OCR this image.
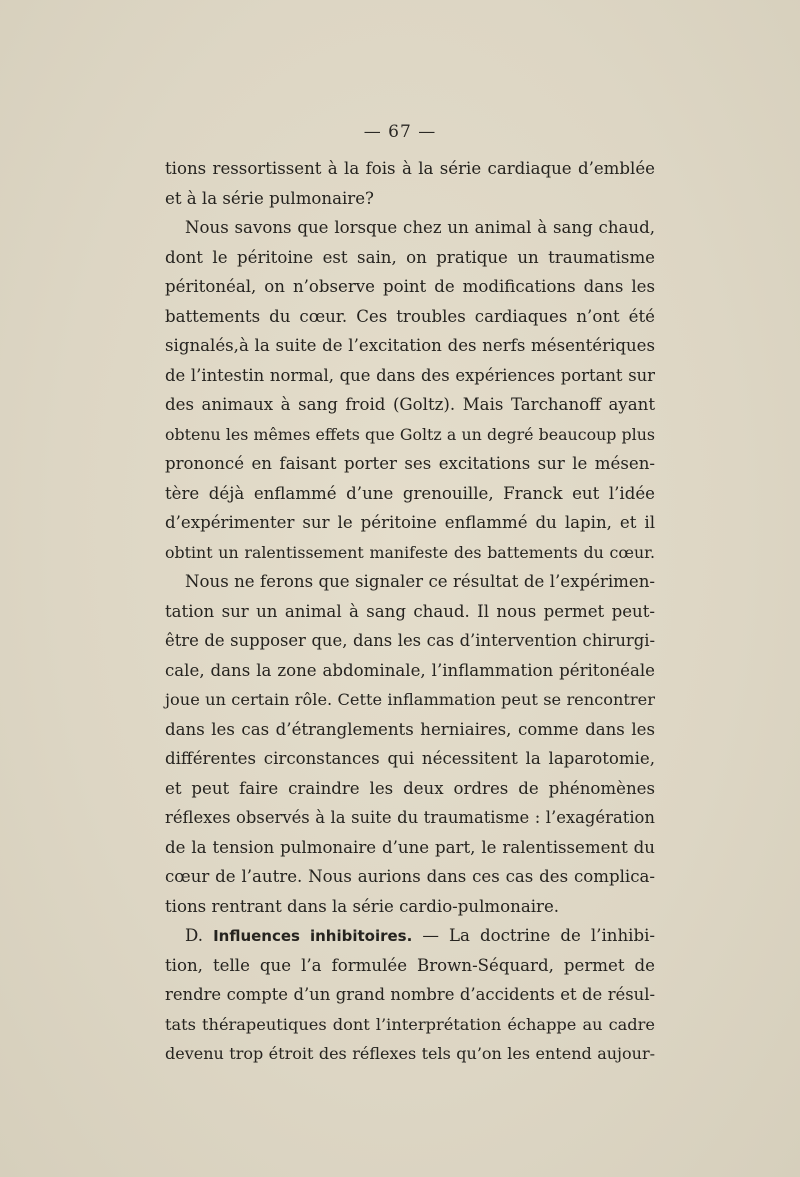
— 67 —
tions ressortissent à la fois à la série cardiaque d’emblée
et à la série pulmonaire?
Nous savons que lorsque chez un animal à sang chaud,
dont le péritoine est sain, on pratique un traumatisme
péritonéal, on n’observe point de modifications dans les
battements du cœur. Ces troubles cardiaques n’ont été
signalés,à la suite de l’excitation des nerfs mésentériques
de l’intestin normal, que dans des expériences portant sur
des animaux à sang froid (Goltz). Mais Tarchanoff ayant
obtenu les mêmes effets que Goltz a un degré beaucoup plus
prononcé en faisant porter ses excitations sur le mésen-
tère déjà enflammé d’une grenouille, Franck eut l’idée
d’expérimenter sur le péritoine enflammé du lapin, et il
obtint un ralentissement manifeste des battements du cœur.
Nous ne ferons que signaler ce résultat de l’expérimen-
tation sur un animal à sang chaud. Il nous permet peut-
être de supposer que, dans les cas d’intervention chirurgi-
cale, dans la zone abdominale, l’inflammation péritonéale
joue un certain rôle. Cette inflammation peut se rencontrer
dans les cas d’étranglements herniaires, comme dans les
différentes circonstances qui nécessitent la laparotomie,
et peut faire craindre les deux ordres de phénomènes
réflexes observés à la suite du traumatisme : l’exagération
de la tension pulmonaire d’une part, le ralentissement du
cœur de l’autre. Nous aurions dans ces cas des complica-
tions rentrant dans la série cardio-pulmonaire.
D. Influences inhibitoires. — La doctrine de l’inhibi-
tion, telle que l’a formulée Brown-Séquard, permet de
rendre compte d’un grand nombre d’accidents et de résul-
tats thérapeutiques dont l’interprétation échappe au cadre
devenu trop étroit des réflexes tels qu’on les entend aujour-
